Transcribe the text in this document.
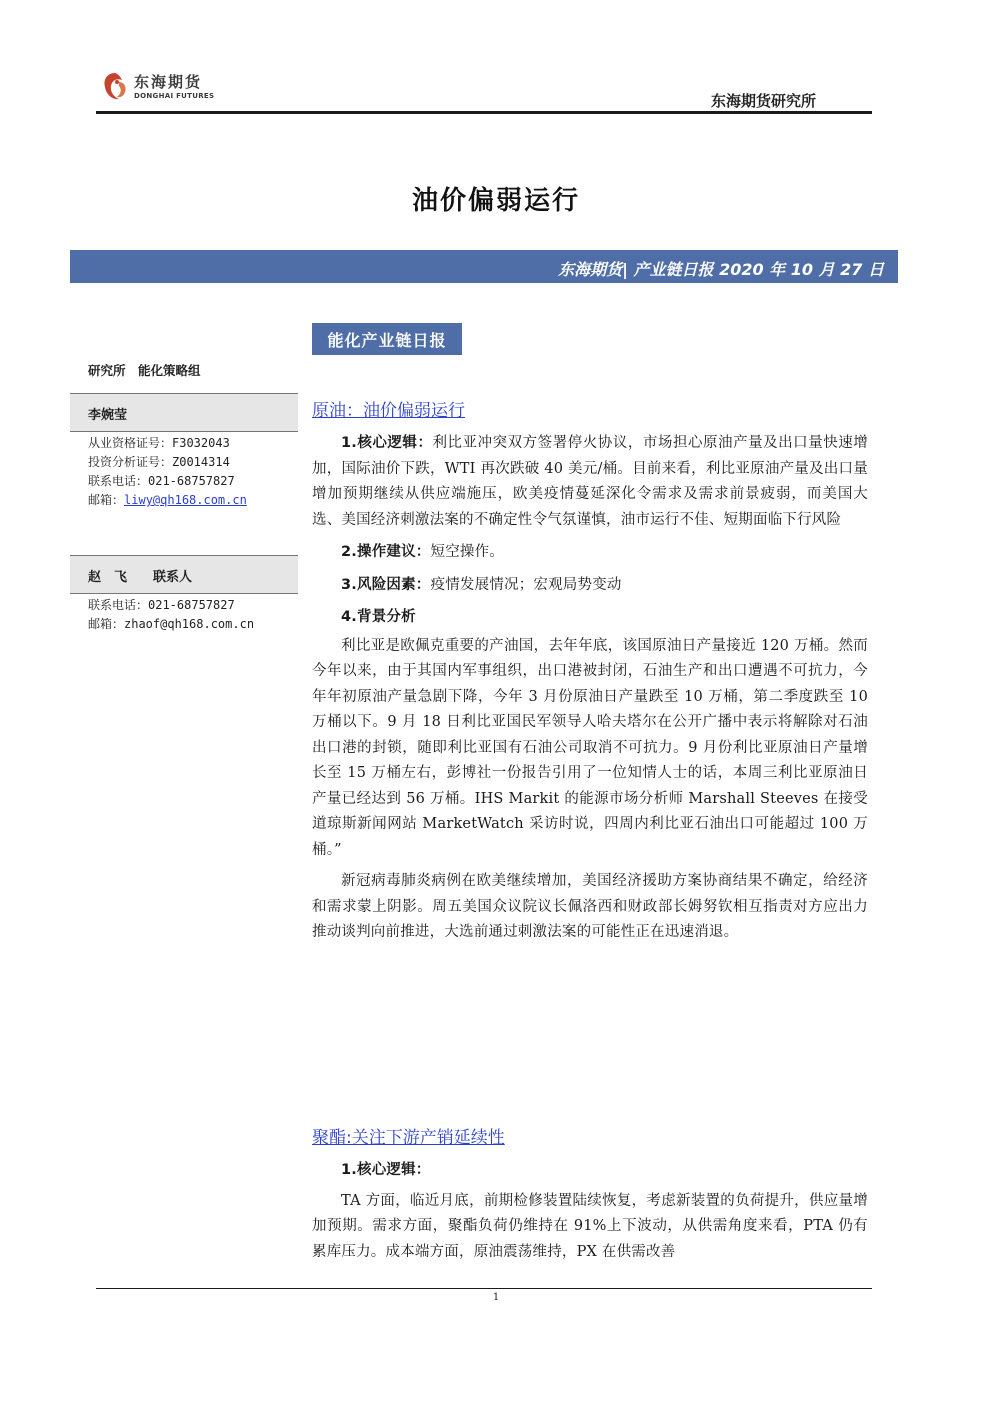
东海期货
DONGHAI FUTURES	东海期货研究所
油价偏弱运行
东海期货| 产业链日报 2020 年 10 月 27 日
能化产业链日报
研究所　能化策略组
李婉莹
从业资格证号：F3032043
投资分析证号：Z0014314
联系电话：021-68757827
邮箱：liwy@qh168.com.cn
赵　飞　　联系人
联系电话：021-68757827
邮箱：zhaof@qh168.com.cn
原油：油价偏弱运行
1.核心逻辑：利比亚冲突双方签署停火协议，市场担心原油产量及出口量快速增加，国际油价下跌，WTI 再次跌破 40 美元/桶。目前来看，利比亚原油产量及出口量增加预期继续从供应端施压，欧美疫情蔓延深化令需求及需求前景疲弱，而美国大选、美国经济刺激法案的不确定性令气氛谨慎，油市运行不佳、短期面临下行风险
2.操作建议：短空操作。
3.风险因素：疫情发展情况；宏观局势变动
4.背景分析
利比亚是欧佩克重要的产油国，去年年底，该国原油日产量接近 120 万桶。然而今年以来，由于其国内军事组织，出口港被封闭，石油生产和出口遭遇不可抗力，今年年初原油产量急剧下降，今年 3 月份原油日产量跌至 10 万桶，第二季度跌至 10 万桶以下。9 月 18 日利比亚国民军领导人哈夫塔尔在公开广播中表示将解除对石油出口港的封锁，随即利比亚国有石油公司取消不可抗力。9 月份利比亚原油日产量增长至 15 万桶左右，彭博社一份报告引用了一位知情人士的话，本周三利比亚原油日产量已经达到 56 万桶。IHS Markit 的能源市场分析师 Marshall Steeves 在接受道琼斯新闻网站 MarketWatch 采访时说，四周内利比亚石油出口可能超过 100 万桶。”
新冠病毒肺炎病例在欧美继续增加，美国经济援助方案协商结果不确定，给经济和需求蒙上阴影。周五美国众议院议长佩洛西和财政部长姆努钦相互指责对方应出力推动谈判向前推进，大选前通过刺激法案的可能性正在迅速消退。
聚酯:关注下游产销延续性
1.核心逻辑：
TA 方面，临近月底，前期检修装置陆续恢复，考虑新装置的负荷提升，供应量增加预期。需求方面，聚酯负荷仍维持在 91%上下波动，从供需角度来看，PTA 仍有累库压力。成本端方面，原油震荡维持，PX 在供需改善
1
